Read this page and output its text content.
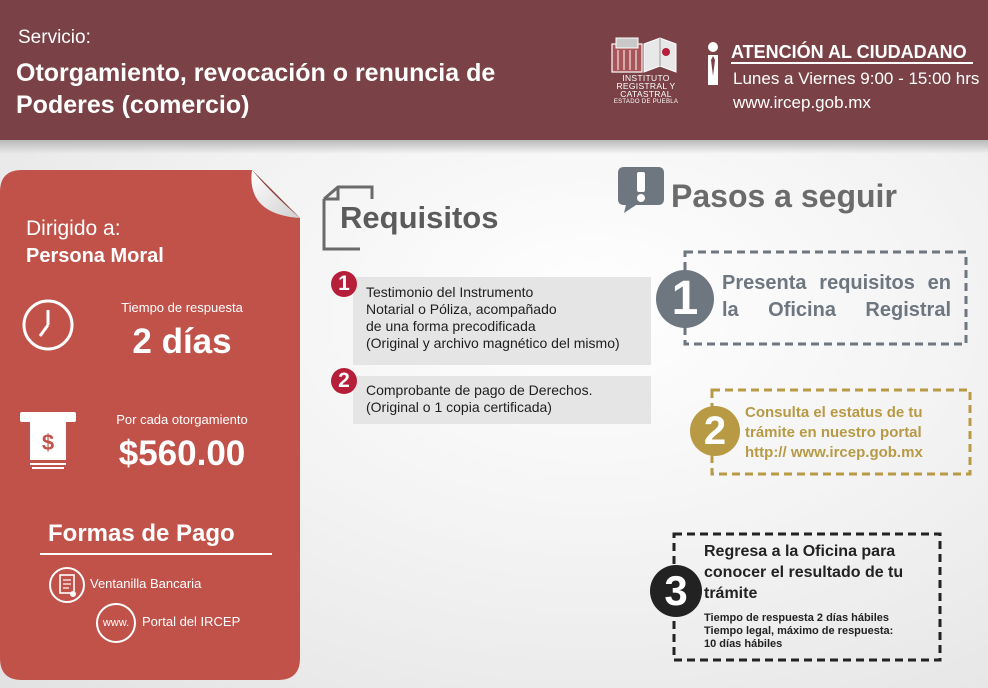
Servicio:
Otorgamiento, revocación o renuncia de Poderes (comercio)
INSTITUTO
REGISTRAL Y
CATASTRAL
ESTADO DE PUEBLA
ATENCIÓN AL CIUDADANO
Lunes a Viernes 9:00 - 15:00 hrs
www.ircep.gob.mx
Dirigido a:
Persona Moral
Tiempo de respuesta
2 días
$
Por cada otorgamiento
$560.00
Formas de Pago
Ventanilla Bancaria
www. Portal del IRCEP
Requisitos
1	Testimonio del Instrumento
Notarial o Póliza, acompañado
de una forma precodificada
(Original y archivo magnético del mismo)
2	Comprobante de pago de Derechos.
(Original o 1 copia certificada)
Pasos a seguir
1	Presenta requisitos en la Oficina Registral
2	Consulta el estatus de tu
trámite en nuestro portal
http:// www.ircep.gob.mx
3
Regresa a la Oficina para
conocer el resultado de tu
trámite
Tiempo de respuesta 2 días hábiles
Tiempo legal, máximo de respuesta:
10 días hábiles
